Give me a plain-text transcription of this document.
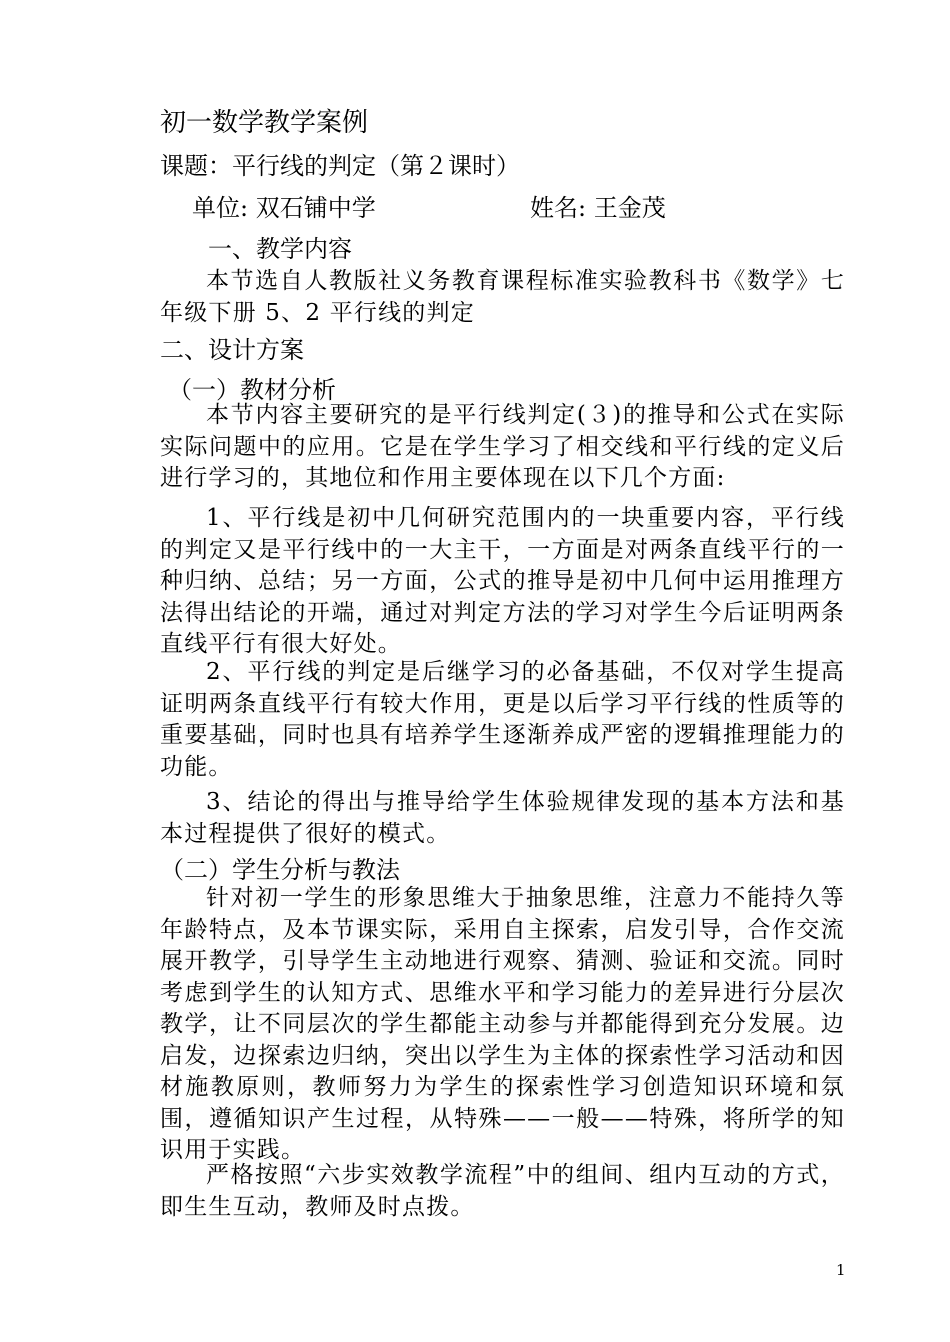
初一数学教学案例
课题：平行线的判定（第２课时）
单位: 双石铺中学	姓名: 王金茂
一、教学内容

本节选自人教版社义务教育课程标准实验教科书《数学》七年级下册 5、2 平行线的判定

二、设计方案
（一）教材分析

本节内容主要研究的是平行线判定(３)的推导和公式在实际实际问题中的应用。它是在学生学习了相交线和平行线的定义后进行学习的，其地位和作用主要体现在以下几个方面:

1、平行线是初中几何研究范围内的一块重要内容，平行线的判定又是平行线中的一大主干，一方面是对两条直线平行的一种归纳、总结；另一方面，公式的推导是初中几何中运用推理方法得出结论的开端，通过对判定方法的学习对学生今后证明两条直线平行有很大好处。

2、平行线的判定是后继学习的必备基础，不仅对学生提高证明两条直线平行有较大作用，更是以后学习平行线的性质等的重要基础，同时也具有培养学生逐渐养成严密的逻辑推理能力的功能。

3、结论的得出与推导给学生体验规律发现的基本方法和基本过程提供了很好的模式。

（二）学生分析与教法

针对初一学生的形象思维大于抽象思维，注意力不能持久等年龄特点，及本节课实际，采用自主探索，启发引导，合作交流展开教学，引导学生主动地进行观察、猜测、验证和交流。同时考虑到学生的认知方式、思维水平和学习能力的差异进行分层次教学，让不同层次的学生都能主动参与并都能得到充分发展。边启发，边探索边归纳，突出以学生为主体的探索性学习活动和因材施教原则，教师努力为学生的探索性学习创造知识环境和氛围，遵循知识产生过程，从特殊——一般——特殊，将所学的知识用于实践。

严格按照“六步实效教学流程”中的组间、组内互动的方式，即生生互动，教师及时点拨。

1
